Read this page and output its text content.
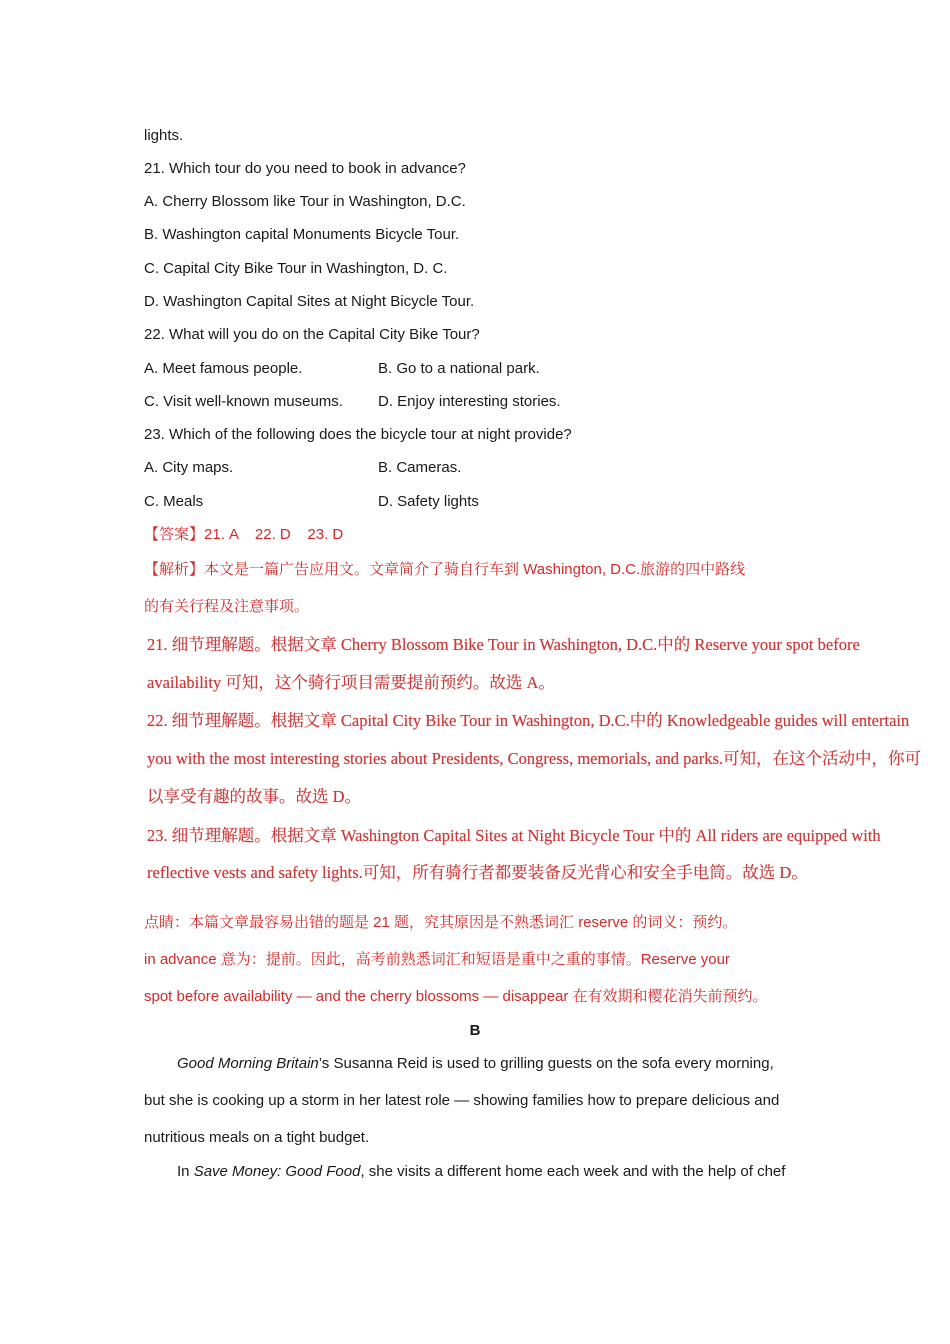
lights.
21. Which tour do you need to book in advance?
A. Cherry Blossom like Tour in Washington, D.C.
B. Washington capital Monuments Bicycle Tour.
C. Capital City Bike Tour in Washington, D. C.
D. Washington Capital Sites at Night Bicycle Tour.
22. What will you do on the Capital City Bike Tour?
A. Meet famous people.	B. Go to a national park.
C. Visit well-known museums. D. Enjoy interesting stories.
23. Which of the following does the bicycle tour at night provide?
A. City maps.	B. Cameras.
C. Meals	D. Safety lights
【答案】21. A    22. D    23. D
【解析】本文是一篇广告应用文。文章简介了骑自行车到 Washington, D.C.旅游的四中路线
的有关行程及注意事项。
21. 细节理解题。根据文章 Cherry Blossom Bike Tour in Washington, D.C.中的 Reserve your spot before
availability 可知，这个骑行项目需要提前预约。故选 A。
22. 细节理解题。根据文章 Capital City Bike Tour in Washington, D.C.中的 Knowledgeable guides will entertain
you with the most interesting stories about Presidents, Congress, memorials, and parks.可知，在这个活动中，你可
以享受有趣的故事。故选 D。
23. 细节理解题。根据文章 Washington Capital Sites at Night Bicycle Tour 中的 All riders are equipped with
reflective vests and safety lights.可知，所有骑行者都要装备反光背心和安全手电筒。故选 D。
点睛：本篇文章最容易出错的题是 21 题，究其原因是不熟悉词汇 reserve 的词义：预约。
in advance 意为：提前。因此，高考前熟悉词汇和短语是重中之重的事情。Reserve your
spot before availability — and the cherry blossoms — disappear 在有效期和樱花消失前预约。
B
Good Morning Britain’s Susanna Reid is used to grilling guests on the sofa every morning,
but she is cooking up a storm in her latest role — showing families how to prepare delicious and
nutritious meals on a tight budget.
In Save Money: Good Food, she visits a different home each week and with the help of chef
